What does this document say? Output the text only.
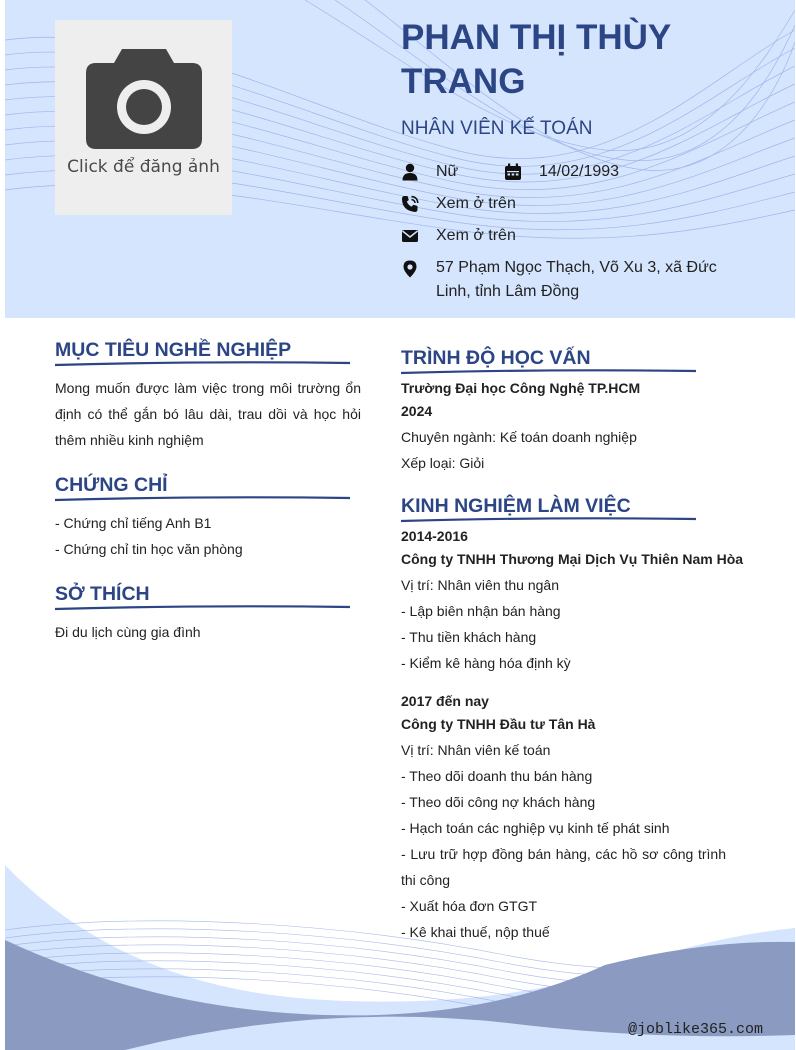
Click để đăng ảnh
PHAN THỊ THÙY TRANG
NHÂN VIÊN KẾ TOÁN
Nữ	14/02/1993
Xem ở trên
Xem ở trên
57 Phạm Ngọc Thạch, Võ Xu 3, xã Đức Linh, tỉnh Lâm Đồng
MỤC TIÊU NGHỀ NGHIỆP
Mong muốn được làm việc trong môi trường ổn định có thể gắn bó lâu dài, trau dồi và học hỏi thêm nhiều kinh nghiệm
CHỨNG CHỈ
- Chứng chỉ tiếng Anh B1
- Chứng chỉ tin học văn phòng
SỞ THÍCH
Đi du lịch cùng gia đình
TRÌNH ĐỘ HỌC VẤN
Trường Đại học Công Nghệ TP.HCM
2024
Chuyên ngành: Kế toán doanh nghiệp
Xếp loại: Giỏi
KINH NGHIỆM LÀM VIỆC
2014-2016
Công ty TNHH Thương Mại Dịch Vụ Thiên Nam Hòa
Vị trí: Nhân viên thu ngân
- Lập biên nhận bán hàng
- Thu tiền khách hàng
- Kiểm kê hàng hóa định kỳ
2017 đến nay
Công ty TNHH Đầu tư Tân Hà
Vị trí: Nhân viên kế toán
- Theo dõi doanh thu bán hàng
- Theo dõi công nợ khách hàng
- Hạch toán các nghiệp vụ kinh tế phát sinh
- Lưu trữ hợp đồng bán hàng, các hồ sơ công trình thi công
- Xuất hóa đơn GTGT
- Kê khai thuế, nộp thuế
@joblike365.com
